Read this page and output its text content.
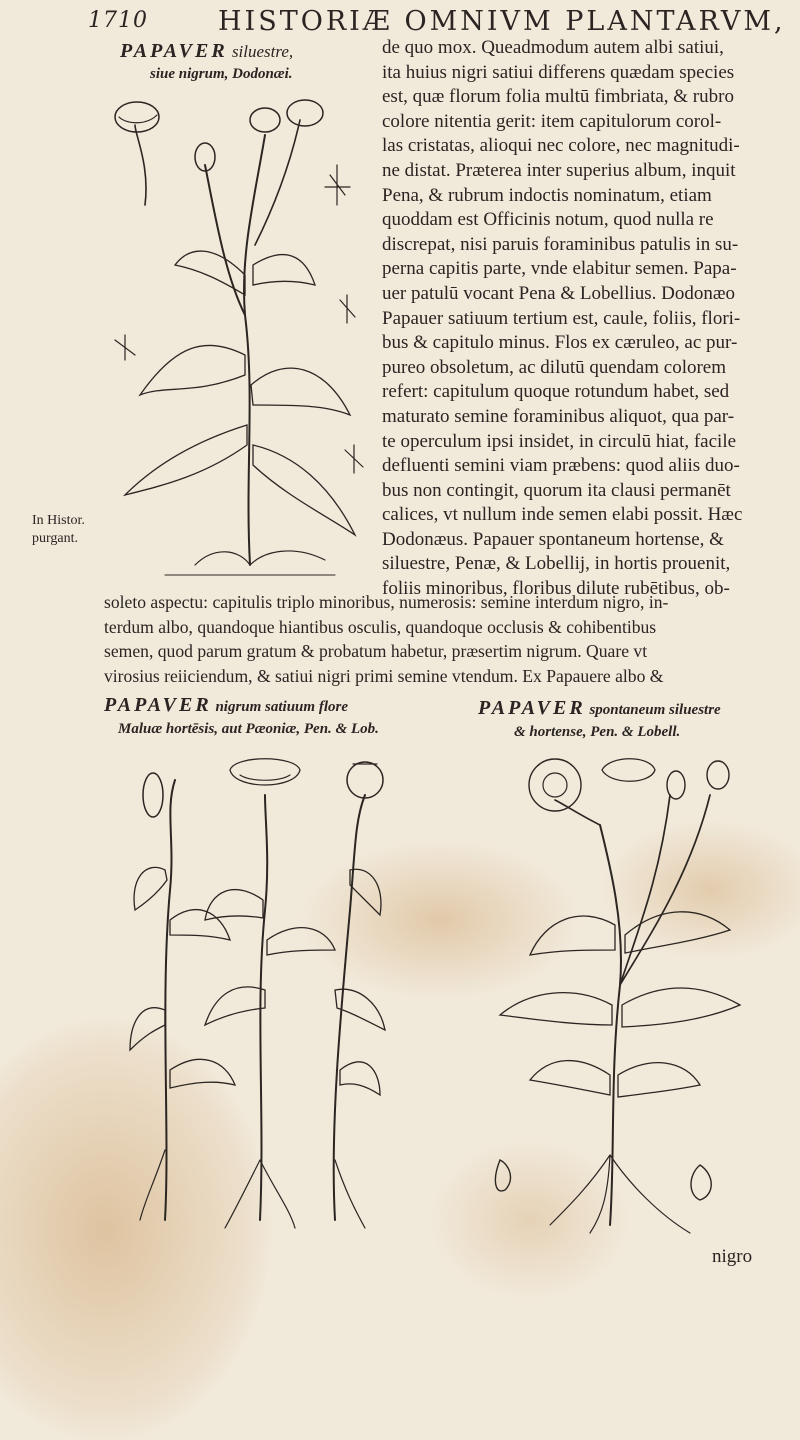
1710	HISTORIÆ OMNIVM PLANTARVM,
PAPAVER siluestre,
siue nigrum, Dodonæi.
de quo mox. Queadmodum autem albi satiui,
ita huius nigri satiui differens quædam species
est, quæ florum folia multū fimbriata, & rubro
colore nitentia gerit: item capitulorum corol-
las cristatas, alioqui nec colore, nec magnitudi-
ne distat. Præterea inter superius album, inquit
Pena, & rubrum indoctis nominatum, etiam
quoddam est Officinis notum, quod nulla re
discrepat, nisi paruis foraminibus patulis in su-
perna capitis parte, vnde elabitur semen. Papa-
uer patulū vocant Pena & Lobellius. Dodonæo
Papauer satiuum tertium est, caule, foliis, flori-
bus & capitulo minus. Flos ex cæruleo, ac pur-
pureo obsoletum, ac dilutū quendam colorem
refert: capitulum quoque rotundum habet, sed
maturato semine foraminibus aliquot, qua par-
te operculum ipsi insidet, in circulū hiat, facile
defluenti semini viam præbens: quod aliis duo-
bus non contingit, quorum ita clausi permanēt
calices, vt nullum inde semen elabi possit. Hæc
Dodonæus. Papauer spontaneum hortense, &
siluestre, Penæ, & Lobellij, in hortis prouenit,
foliis minoribus, floribus dilute rubētibus, ob-
In Histor.
purgant.
soleto aspectu: capitulis triplo minoribus, numerosis: semine interdum nigro, in-
terdum albo, quandoque hiantibus osculis, quandoque occlusis & cohibentibus
semen, quod parum gratum & probatum habetur, præsertim nigrum. Quare vt
virosius reiiciendum, & satiui nigri primi semine vtendum. Ex Papauere albo &
PAPAVER nigrum satiuum flore
Maluæ hortēsis, aut Pæoniæ, Pen. & Lob.
PAPAVER spontaneum siluestre
& hortense, Pen. & Lobell.
nigro
